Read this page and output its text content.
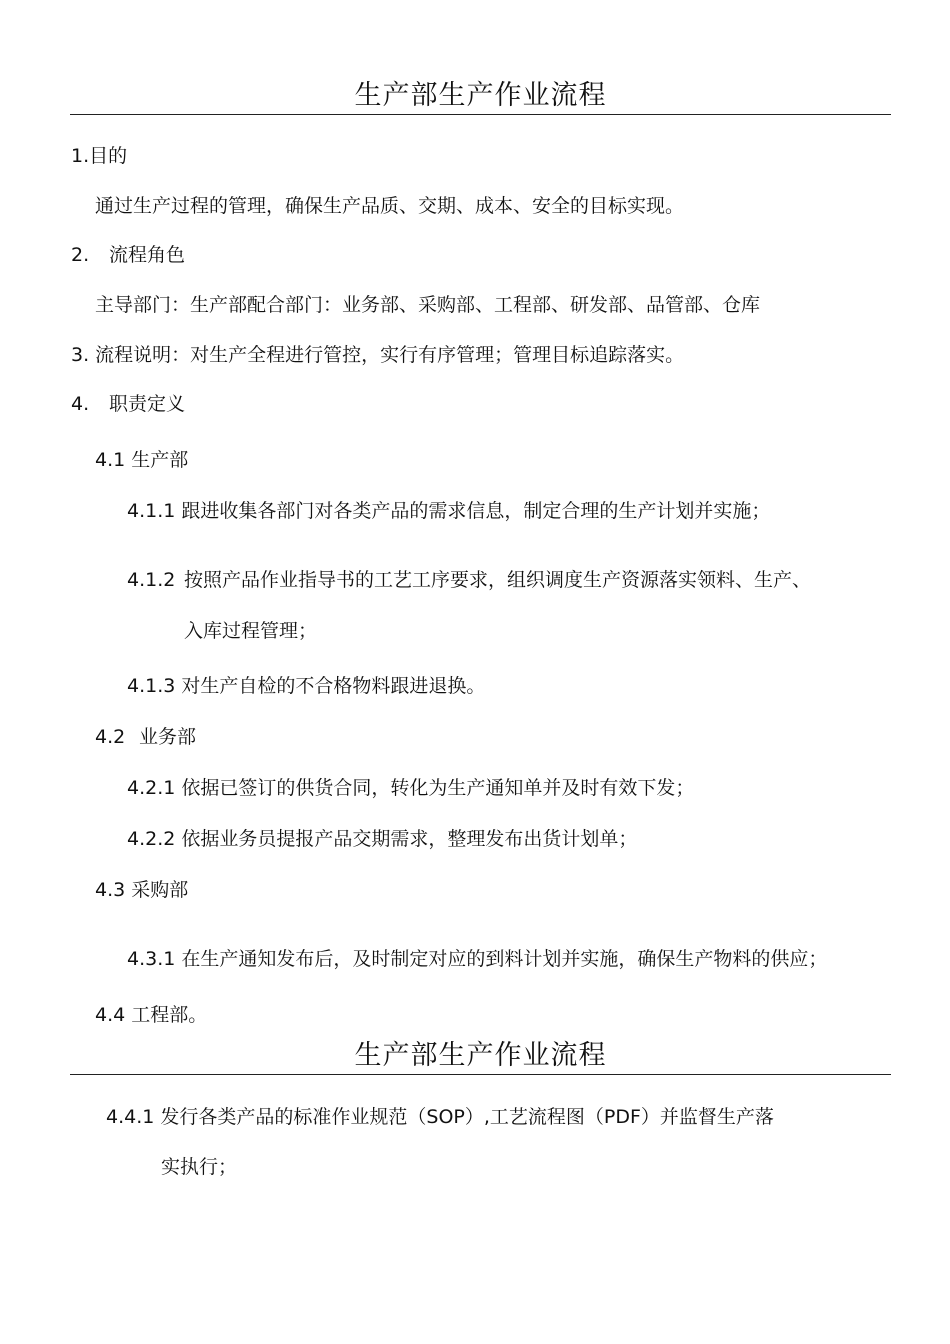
生产部生产作业流程
1.目的
通过生产过程的管理，确保生产品质、交期、成本、安全的目标实现。
2. 流程角色
主导部门：生产部配合部门：业务部、采购部、工程部、研发部、品管部、仓库
3. 流程说明：对生产全程进行管控，实行有序管理；管理目标追踪落实。
4. 职责定义
4.1 生产部
4.1.1 跟进收集各部门对各类产品的需求信息，制定合理的生产计划并实施；
4.1.2 按照产品作业指导书的工艺工序要求，组织调度生产资源落实领料、生产、
入库过程管理；
4.1.3 对生产自检的不合格物料跟进退换。
4.2 业务部
4.2.1 依据已签订的供货合同，转化为生产通知单并及时有效下发；
4.2.2 依据业务员提报产品交期需求，整理发布出货计划单；
4.3 采购部
4.3.1 在生产通知发布后，及时制定对应的到料计划并实施，确保生产物料的供应；
4.4 工程部。
生产部生产作业流程
4.4.1 发行各类产品的标准作业规范（SOP）,工艺流程图（PDF）并监督生产落
实执行；
